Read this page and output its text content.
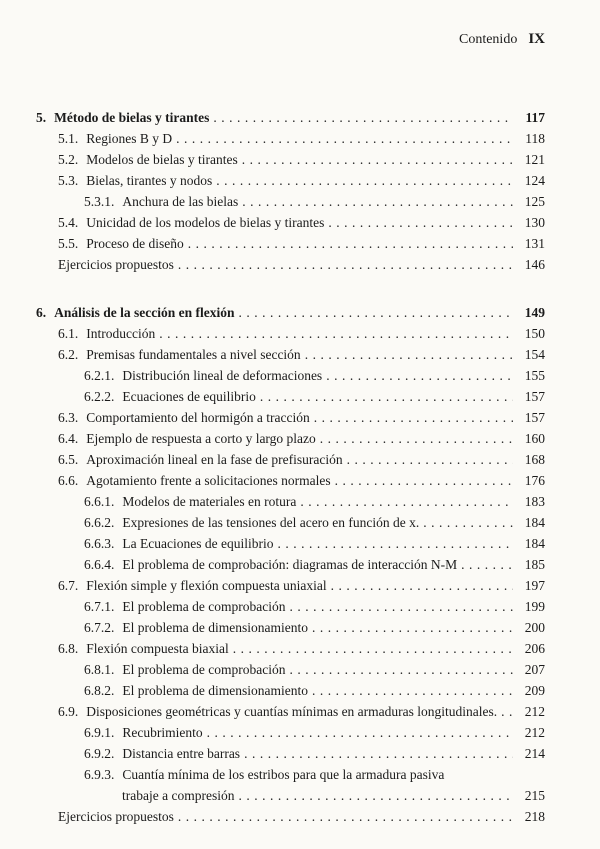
Contenido IX
5. Método de bielas y tirantes .....	117
5.1. Regiones B y D .....	118
5.2. Modelos de bielas y tirantes .....	121
5.3. Bielas, tirantes y nodos .....	124
5.3.1. Anchura de las bielas .....	125
5.4. Unicidad de los modelos de bielas y tirantes .....	130
5.5. Proceso de diseño .....	131
Ejercicios propuestos .....	146
6. Análisis de la sección en flexión .....	149
6.1. Introducción .....	150
6.2. Premisas fundamentales a nivel sección .....	154
6.2.1. Distribución lineal de deformaciones .....	155
6.2.2. Ecuaciones de equilibrio .....	157
6.3. Comportamiento del hormigón a tracción .....	157
6.4. Ejemplo de respuesta a corto y largo plazo .....	160
6.5. Aproximación lineal en la fase de prefisuración .....	168
6.6. Agotamiento frente a solicitaciones normales .....	176
6.6.1. Modelos de materiales en rotura .....	183
6.6.2. Expresiones de las tensiones del acero en función de x. .....	184
6.6.3. La Ecuaciones de equilibrio .....	184
6.6.4. El problema de comprobación: diagramas de interacción N-M .....	185
6.7. Flexión simple y flexión compuesta uniaxial .....	197
6.7.1. El problema de comprobación .....	199
6.7.2. El problema de dimensionamiento .....	200
6.8. Flexión compuesta biaxial .....	206
6.8.1. El problema de comprobación .....	207
6.8.2. El problema de dimensionamiento .....	209
6.9. Disposiciones geométricas y cuantías mínimas en armaduras longitudinales. .....	212
6.9.1. Recubrimiento .....	212
6.9.2. Distancia entre barras .....	214
6.9.3. Cuantía mínima de los estribos para que la armadura pasiva
trabaje a compresión .....	215
Ejercicios propuestos .....	218
